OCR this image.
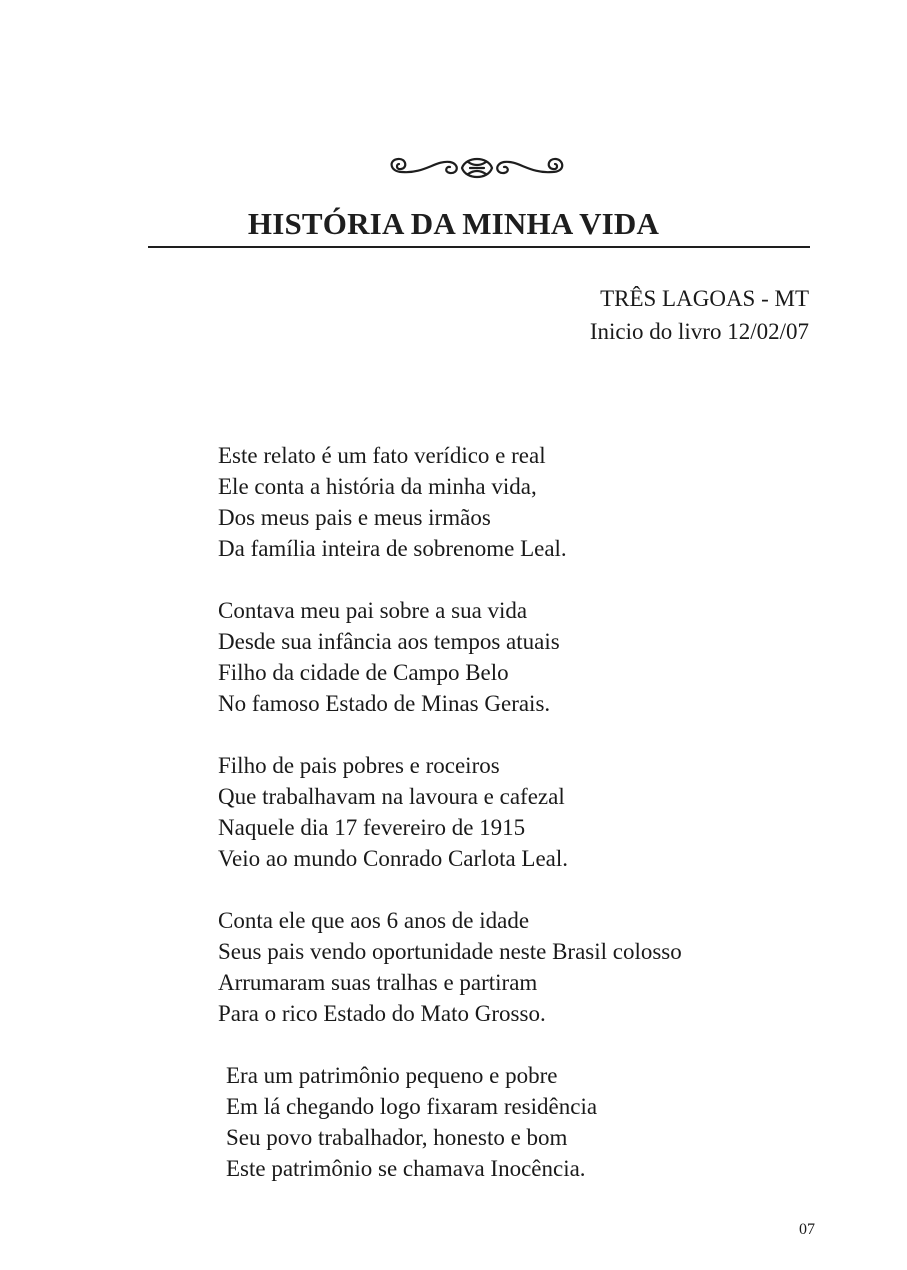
HISTÓRIA DA MINHA VIDA
TRÊS LAGOAS - MT
Inicio do livro 12/02/07
Este relato é um fato verídico e real
Ele conta a história da minha vida,
Dos meus pais e meus irmãos
Da família inteira de sobrenome Leal.
Contava meu pai sobre a sua vida
Desde sua infância aos tempos atuais
Filho da cidade de Campo Belo
No famoso Estado de Minas Gerais.
Filho de pais pobres e roceiros
Que trabalhavam na lavoura e cafezal
Naquele dia 17 fevereiro de 1915
Veio ao mundo Conrado Carlota Leal.
Conta ele que aos 6 anos de idade
Seus pais vendo oportunidade neste Brasil colosso
Arrumaram suas tralhas e partiram
Para o rico Estado do Mato Grosso.
Era um patrimônio pequeno e pobre
Em lá chegando logo fixaram residência
Seu povo trabalhador, honesto e bom
Este patrimônio se chamava Inocência.
07
